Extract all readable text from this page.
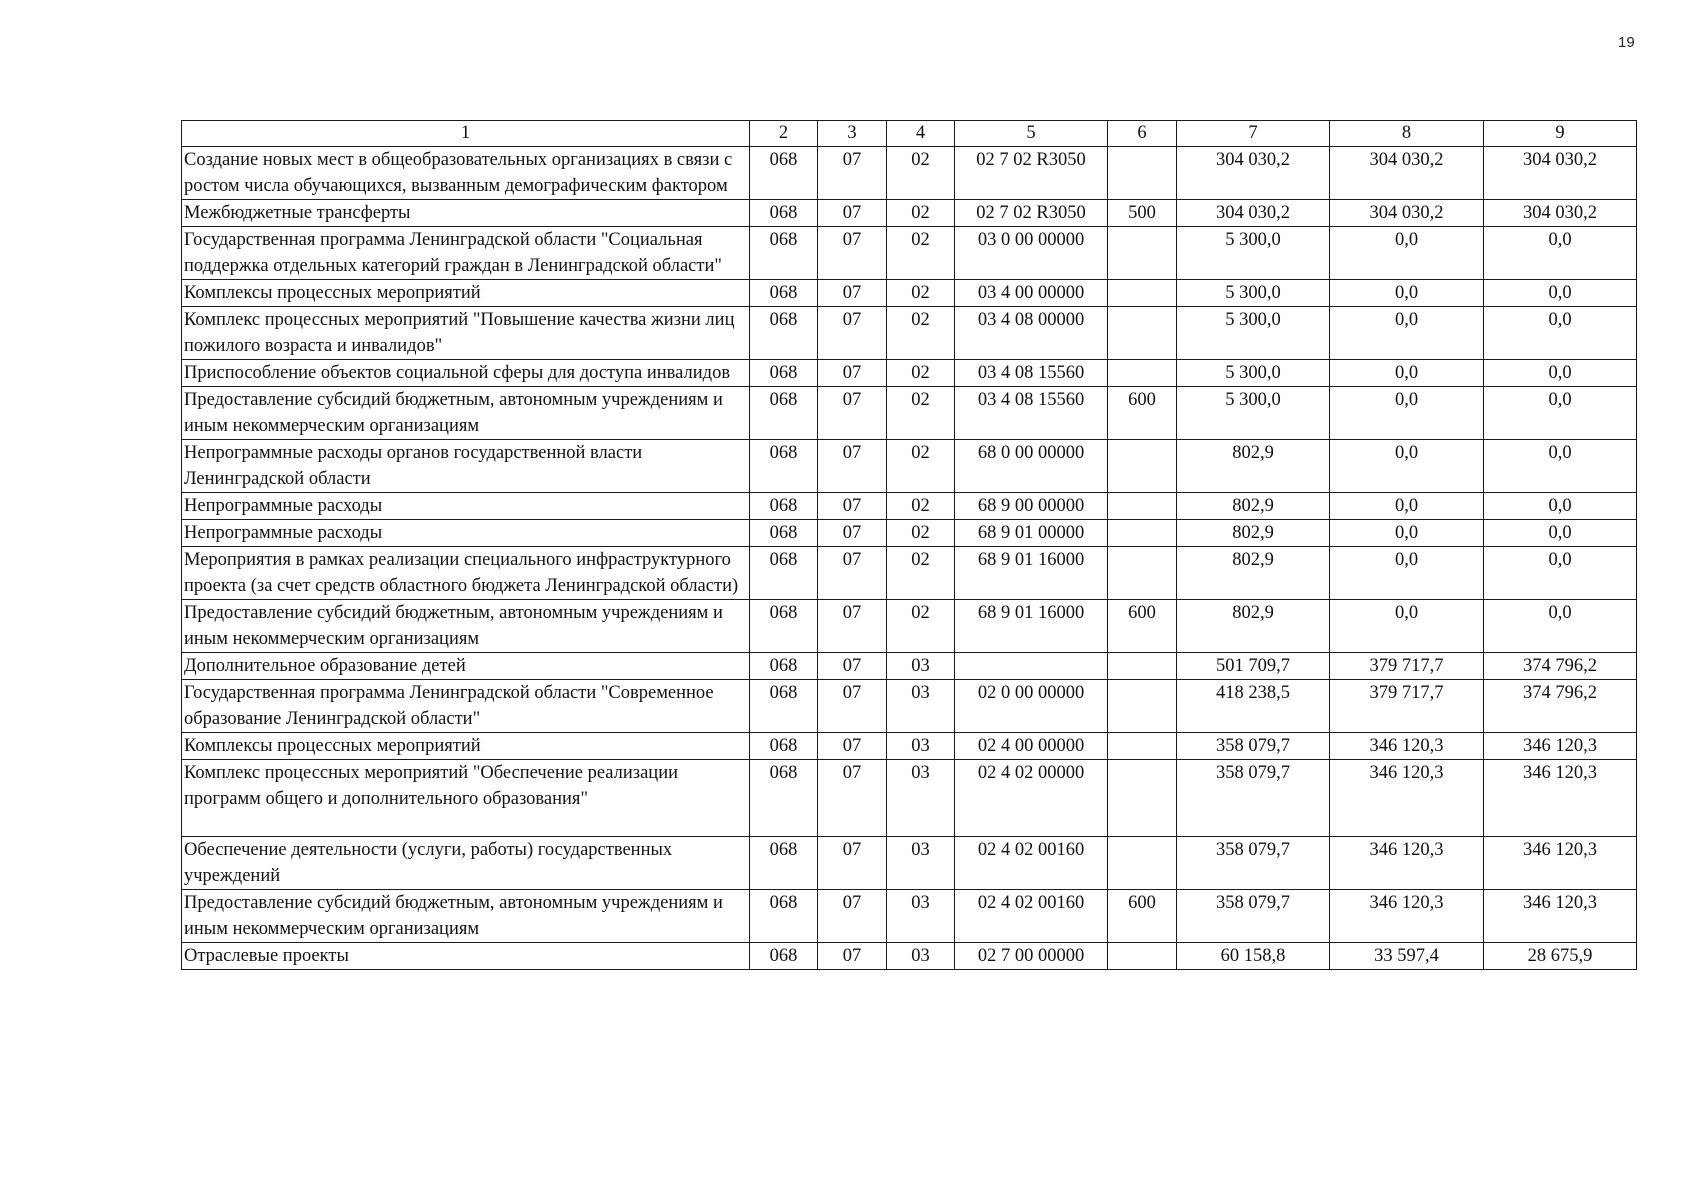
19
1	2	3	4	5	6	7	8	9
Создание новых мест в общеобразовательных организациях в связи с ростом числа обучающихся, вызванным демографическим фактором	068	07	02	02 7 02 R3050		304 030,2	304 030,2	304 030,2
Межбюджетные трансферты	068	07	02	02 7 02 R3050	500	304 030,2	304 030,2	304 030,2
Государственная программа Ленинградской области "Социальная поддержка отдельных категорий граждан в Ленинградской области"	068	07	02	03 0 00 00000		5 300,0	0,0	0,0
Комплексы процессных мероприятий	068	07	02	03 4 00 00000		5 300,0	0,0	0,0
Комплекс процессных мероприятий "Повышение качества жизни лиц пожилого возраста и инвалидов"	068	07	02	03 4 08 00000		5 300,0	0,0	0,0
Приспособление объектов социальной сферы для доступа инвалидов	068	07	02	03 4 08 15560		5 300,0	0,0	0,0
Предоставление субсидий бюджетным, автономным учреждениям и иным некоммерческим организациям	068	07	02	03 4 08 15560	600	5 300,0	0,0	0,0
Непрограммные расходы органов государственной власти Ленинградской области	068	07	02	68 0 00 00000		802,9	0,0	0,0
Непрограммные расходы	068	07	02	68 9 00 00000		802,9	0,0	0,0
Непрограммные расходы	068	07	02	68 9 01 00000		802,9	0,0	0,0
Мероприятия в рамках реализации специального инфраструктурного проекта (за счет средств областного бюджета Ленинградской области)	068	07	02	68 9 01 16000		802,9	0,0	0,0
Предоставление субсидий бюджетным, автономным учреждениям и иным некоммерческим организациям	068	07	02	68 9 01 16000	600	802,9	0,0	0,0
Дополнительное образование детей	068	07	03			501 709,7	379 717,7	374 796,2
Государственная программа Ленинградской области "Современное образование Ленинградской области"	068	07	03	02 0 00 00000		418 238,5	379 717,7	374 796,2
Комплексы процессных мероприятий	068	07	03	02 4 00 00000		358 079,7	346 120,3	346 120,3
Комплекс процессных мероприятий "Обеспечение реализации программ общего и дополнительного образования"	068	07	03	02 4 02 00000		358 079,7	346 120,3	346 120,3
Обеспечение деятельности (услуги, работы) государственных учреждений	068	07	03	02 4 02 00160		358 079,7	346 120,3	346 120,3
Предоставление субсидий бюджетным, автономным учреждениям и иным некоммерческим организациям	068	07	03	02 4 02 00160	600	358 079,7	346 120,3	346 120,3
Отраслевые проекты	068	07	03	02 7 00 00000		60 158,8	33 597,4	28 675,9
